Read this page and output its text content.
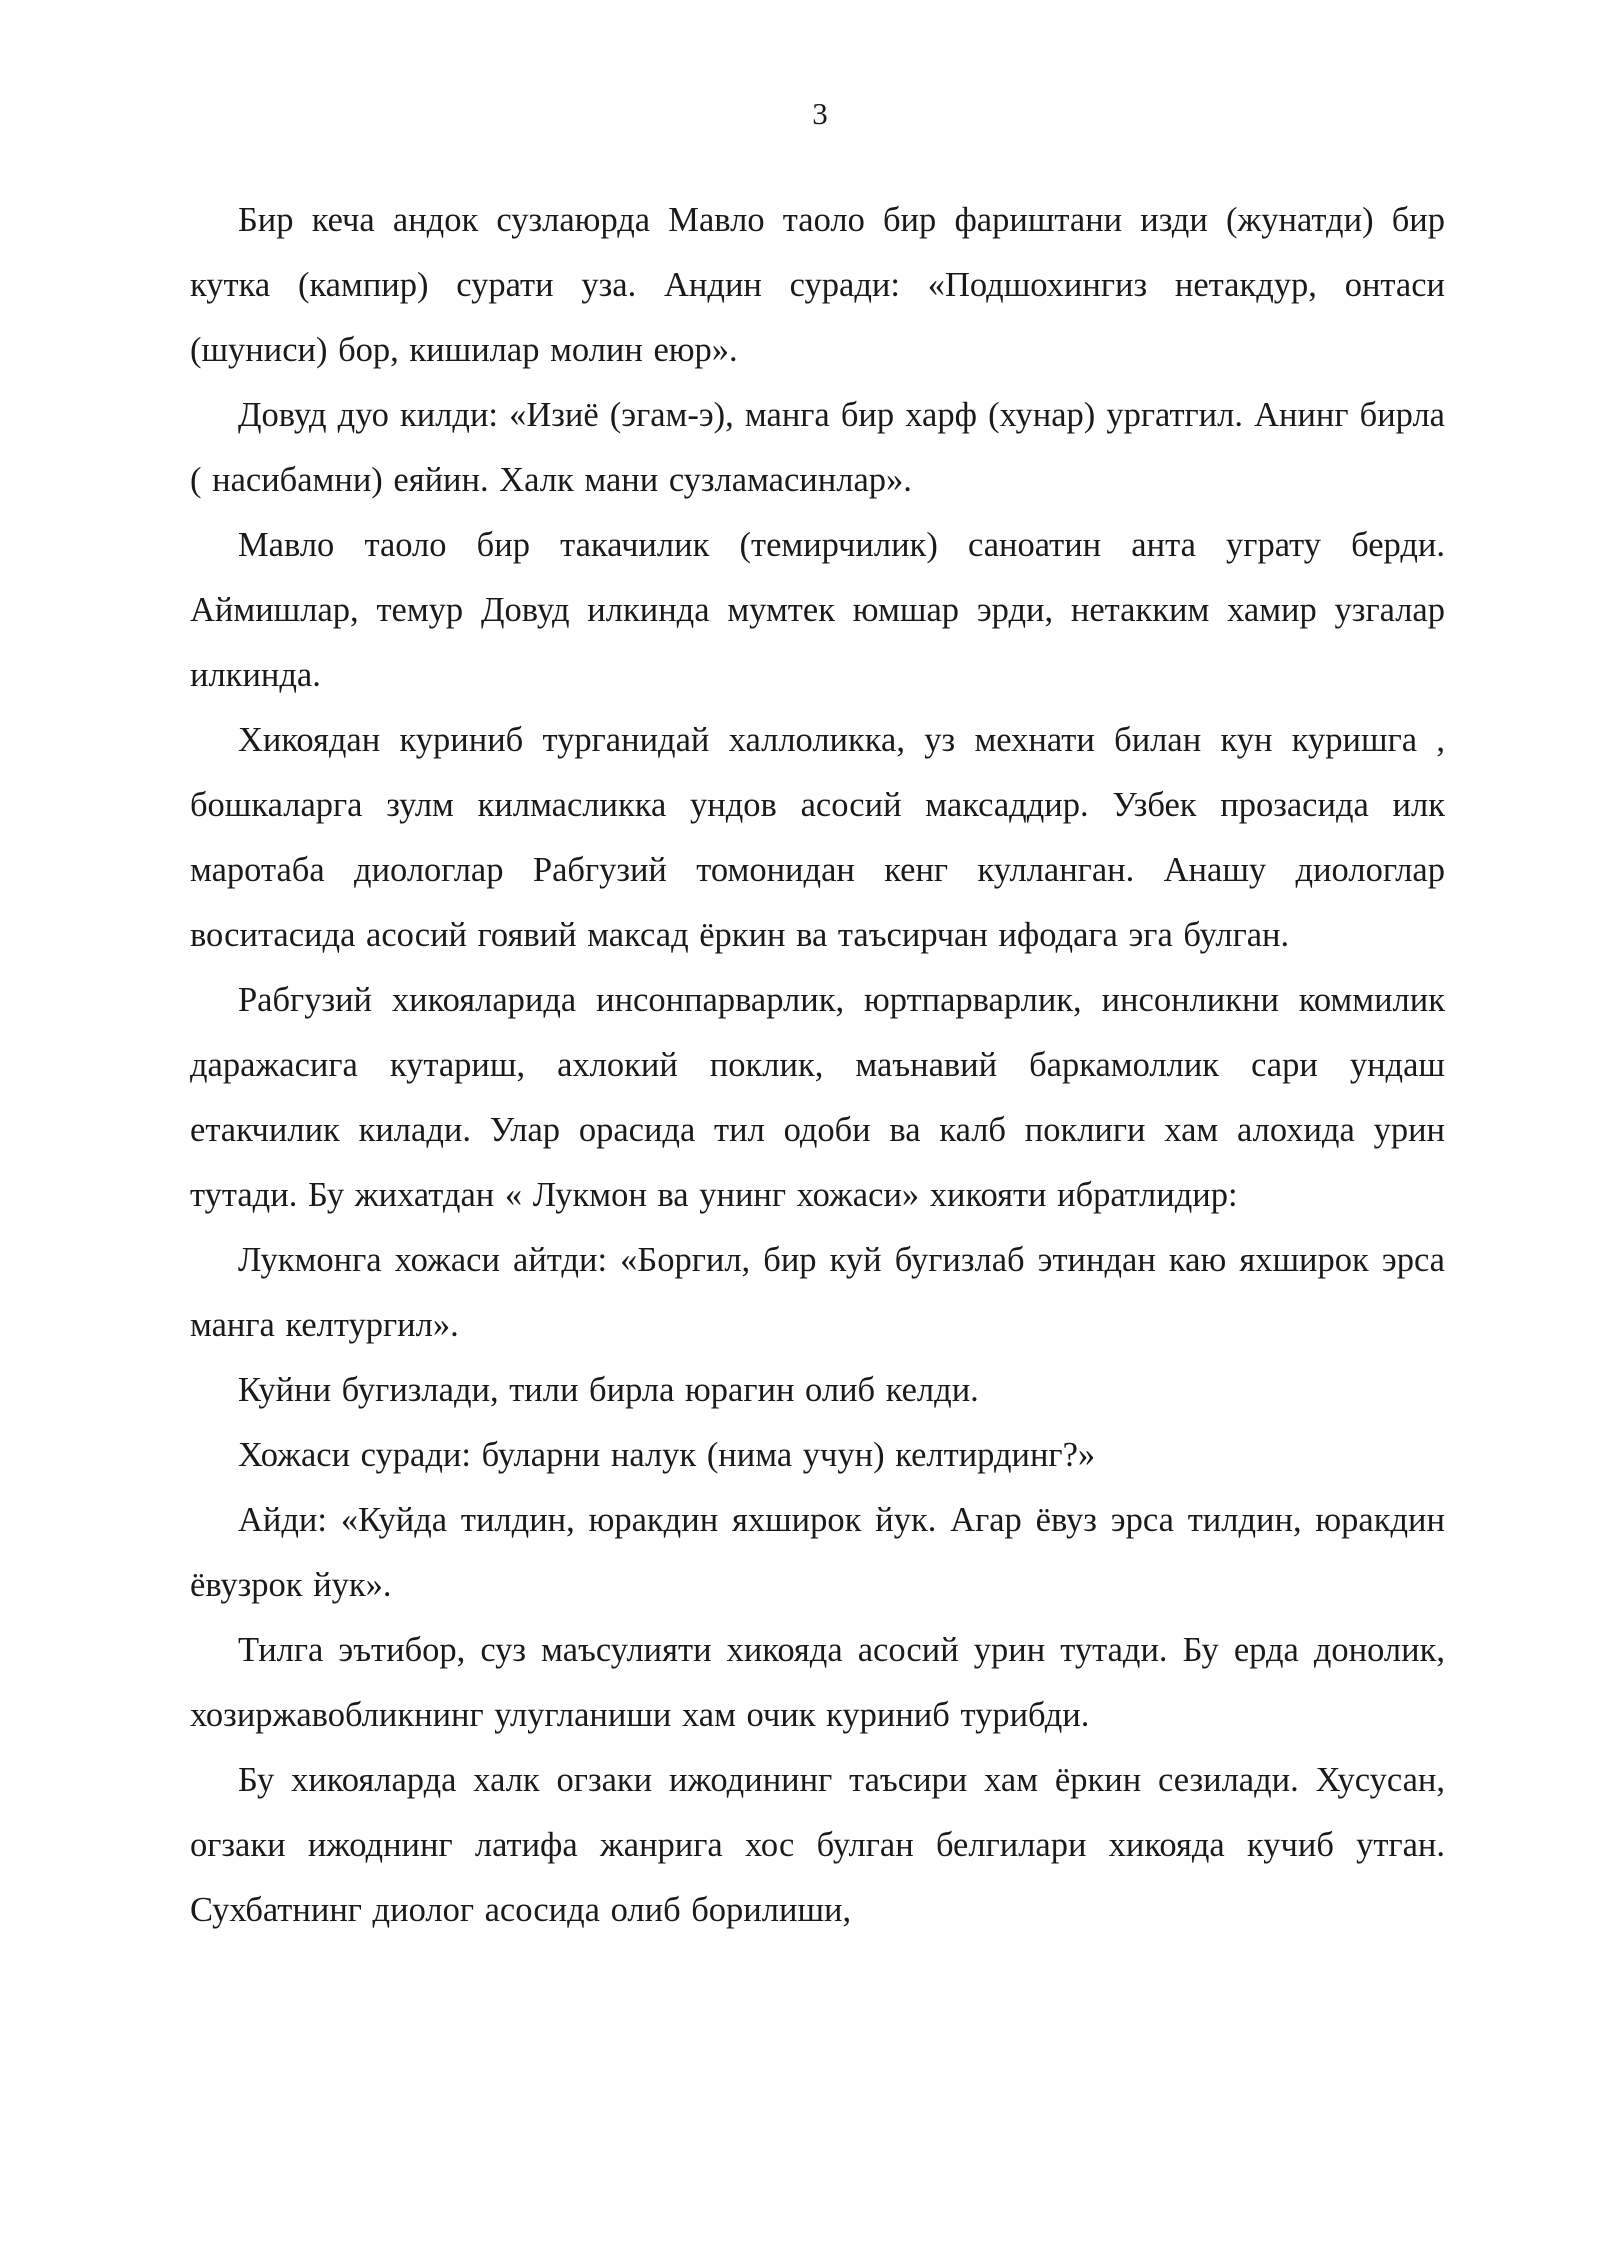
3

Бир кеча андок сузлаюрда Мавло таоло бир фариштани изди (жунатди) бир кутка (кампир) сурати уза. Андин суради: «Подшохингиз нетакдур, онтаси (шуниси) бор, кишилар молин еюр».

Довуд дуо килди: «Изиё (эгам-э), манга бир харф (хунар) ургатгил. Анинг бирла ( насибамни) еяйин. Халк мани сузламасинлар».

Мавло таоло бир такачилик (темирчилик) саноатин анта уграту берди. Аймишлар, темур Довуд илкинда мумтек юмшар эрди, нетакким хамир узгалар илкинда.

Хикоядан куриниб турганидай халлоликка, уз мехнати билан кун куришга , бошкаларга зулм килмасликка ундов асосий максаддир. Узбек прозасида илк маротаба диологлар Рабгузий томонидан кенг кулланган. Анашу диологлар воситасида асосий гоявий максад ёркин ва таъсирчан ифодага эга булган.

Рабгузий хикояларида инсонпарварлик, юртпарварлик, инсонликни коммилик даражасига кутариш, ахлокий поклик, маънавий баркамоллик сари ундаш етакчилик килади. Улар орасида тил одоби ва калб поклиги хам алохида урин тутади. Бу жихатдан « Лукмон ва унинг хожаси» хикояти ибратлидир:

Лукмонга хожаси айтди: «Боргил, бир куй бугизлаб этиндан каю яхширок эрса манга келтургил».

Куйни бугизлади, тили бирла юрагин олиб келди.

Хожаси суради: буларни налук (нима учун) келтирдинг?»

Айди: «Куйда тилдин, юракдин яхширок йук. Агар ёвуз эрса тилдин, юракдин ёвузрок йук».

Тилга эътибор, суз маъсулияти хикояда асосий урин тутади. Бу ерда донолик, хозиржавобликнинг улугланиши хам очик куриниб турибди.

Бу хикояларда халк огзаки ижодининг таъсири хам ёркин сезилади. Хусусан, огзаки ижоднинг латифа жанрига хос булган белгилари хикояда кучиб утган. Сухбатнинг диолог асосида олиб борилиши,
